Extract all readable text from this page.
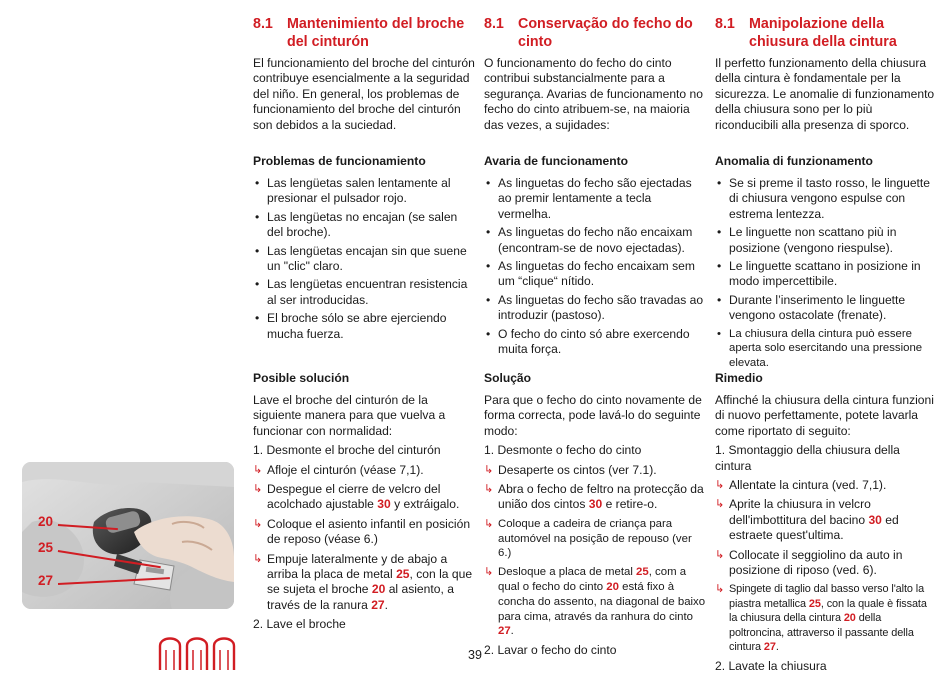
8.1 Mantenimiento del broche del cinturón
El funcionamiento del broche del cinturón contribuye esencialmente a la seguridad del niño. En general, los problemas de funcionamiento del broche del cinturón son debidos a la suciedad.
Problemas de funcionamiento
• Las lengüetas salen lentamente al presionar el pulsador rojo.
• Las lengüetas no encajan (se salen del broche).
• Las lengüetas encajan sin que suene un "clic" claro.
• Las lengüetas encuentran resistencia al ser introducidas.
• El broche sólo se abre ejerciendo mucha fuerza.
Posible solución
Lave el broche del cinturón de la siguiente manera para que vuelva a funcionar con normalidad:
1. Desmonte el broche del cinturón
↳ Afloje el cinturón (véase 7,1).
↳ Despegue el cierre de velcro del acolchado ajustable 30 y extráigalo.
↳ Coloque el asiento infantil en posición de reposo (véase 6.)
↳ Empuje lateralmente y de abajo a arriba la placa de metal 25, con la que se sujeta el broche 20 al asiento, a través de la ranura 27.
2. Lave el broche
8.1 Conservação do fecho do cinto
O funcionamento do fecho do cinto contribui substancialmente para a segurança. Avarias de funcionamento no fecho do cinto atribuem-se, na maioria das vezes, a sujidades:
Avaria de funcionamento
• As linguetas do fecho são ejectadas ao premir lentamente a tecla vermelha.
• As linguetas do fecho não encaixam (encontram-se de novo ejectadas).
• As linguetas do fecho encaixam sem um “clique“ nítido.
• As linguetas do fecho são travadas ao introduzir (pastoso).
• O fecho do cinto só abre exercendo muita força.
Solução
Para que o fecho do cinto novamente de forma correcta, pode lavá-lo do seguinte modo:
1. Desmonte o fecho do cinto
↳ Desaperte os cintos (ver 7.1).
↳ Abra o fecho de feltro na protecção da união dos cintos 30 e retire-o.
↳ Coloque a cadeira de criança para automóvel na posição de repouso (ver 6.)
↳ Desloque a placa de metal 25, com a qual o fecho do cinto 20 está fixo à concha do assento, na diagonal de baixo para cima, através da ranhura do cinto 27.
2. Lavar o fecho do cinto
8.1 Manipolazione della chiusura della cintura
Il perfetto funzionamento della chiusura della cintura è fondamentale per la sicurezza. Le anomalie di funzionamento della chiusura sono per lo più riconducibili alla presenza di sporco.
Anomalia di funzionamento
• Se si preme il tasto rosso, le linguette di chiusura vengono espulse con estrema lentezza.
• Le linguette non scattano più in posizione (vengono riespulse).
• Le linguette scattano in posizione in modo impercettibile.
• Durante l’inserimento le linguette vengono ostacolate (frenate).
• La chiusura della cintura può essere aperta solo esercitando una pressione elevata.
Rimedio
Affinché la chiusura della cintura funzioni di nuovo perfettamente, potete lavarla come riportato di seguito:
1. Smontaggio della chiusura della cintura
↳ Allentate la cintura (ved. 7,1).
↳ Aprite la chiusura in velcro dell'imbottitura del bacino 30 ed estraete quest'ultima.
↳ Collocate il seggiolino da auto in posizione di riposo (ved. 6).
↳ Spingete di taglio dal basso verso l'alto la piastra metallica 25, con la quale è fissata la chiusura della cintura 20 della poltroncina, attraverso il passante della cintura 27.
2. Lavate la chiusura
20
25
27
39
